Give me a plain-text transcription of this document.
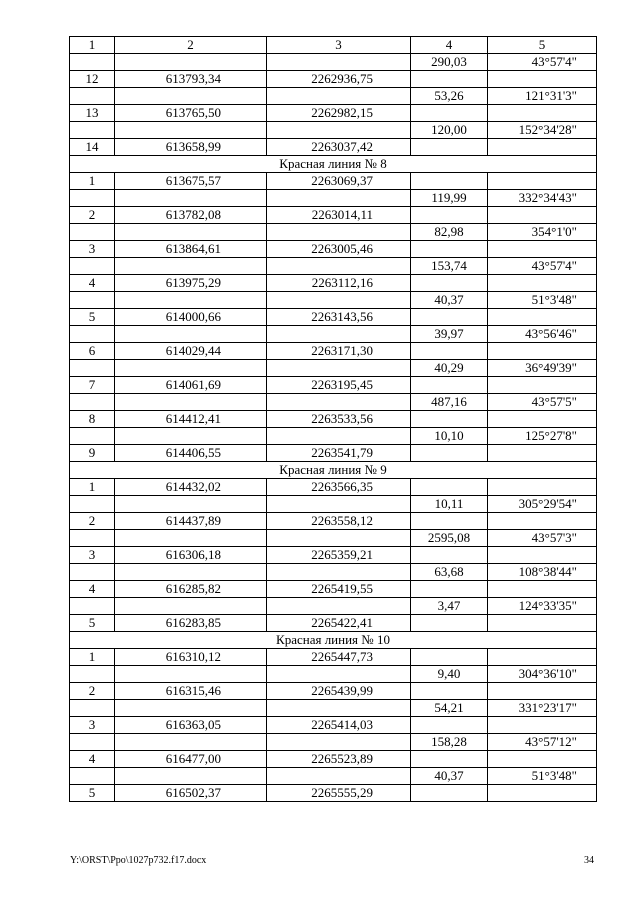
1	2	3	4	5
			290,03	43°57'4"
12	613793,34	2262936,75		
			53,26	121°31'3"
13	613765,50	2262982,15		
			120,00	152°34'28"
14	613658,99	2263037,42		
Красная линия № 8				
1	613675,57	2263069,37		
			119,99	332°34'43"
2	613782,08	2263014,11		
			82,98	354°1'0"
3	613864,61	2263005,46		
			153,74	43°57'4"
4	613975,29	2263112,16		
			40,37	51°3'48"
5	614000,66	2263143,56		
			39,97	43°56'46"
6	614029,44	2263171,30		
			40,29	36°49'39"
7	614061,69	2263195,45		
			487,16	43°57'5"
8	614412,41	2263533,56		
			10,10	125°27'8"
9	614406,55	2263541,79		
Красная линия № 9				
1	614432,02	2263566,35		
			10,11	305°29'54"
2	614437,89	2263558,12		
			2595,08	43°57'3"
3	616306,18	2265359,21		
			63,68	108°38'44"
4	616285,82	2265419,55		
			3,47	124°33'35"
5	616283,85	2265422,41		
Красная линия № 10				
1	616310,12	2265447,73		
			9,40	304°36'10"
2	616315,46	2265439,99		
			54,21	331°23'17"
3	616363,05	2265414,03		
			158,28	43°57'12"
4	616477,00	2265523,89		
			40,37	51°3'48"
5	616502,37	2265555,29		
Y:\ORST\Ppo\1027p732.f17.docx	34
